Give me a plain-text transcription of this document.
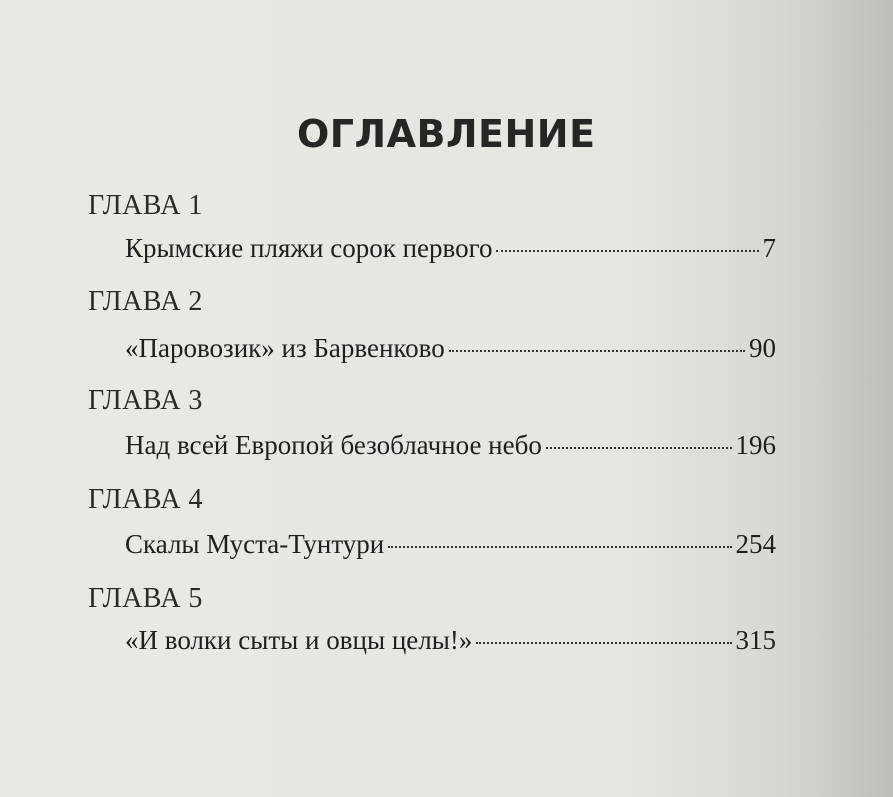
ОГЛАВЛЕНИЕ
ГЛАВА 1
Крымские пляжи сорок первого	7
ГЛАВА 2
«Паровозик» из Барвенково	90
ГЛАВА 3
Над всей Европой безоблачное небо	196
ГЛАВА 4
Скалы Муста-Тунтури	254
ГЛАВА 5
«И волки сыты и овцы целы!»	315
